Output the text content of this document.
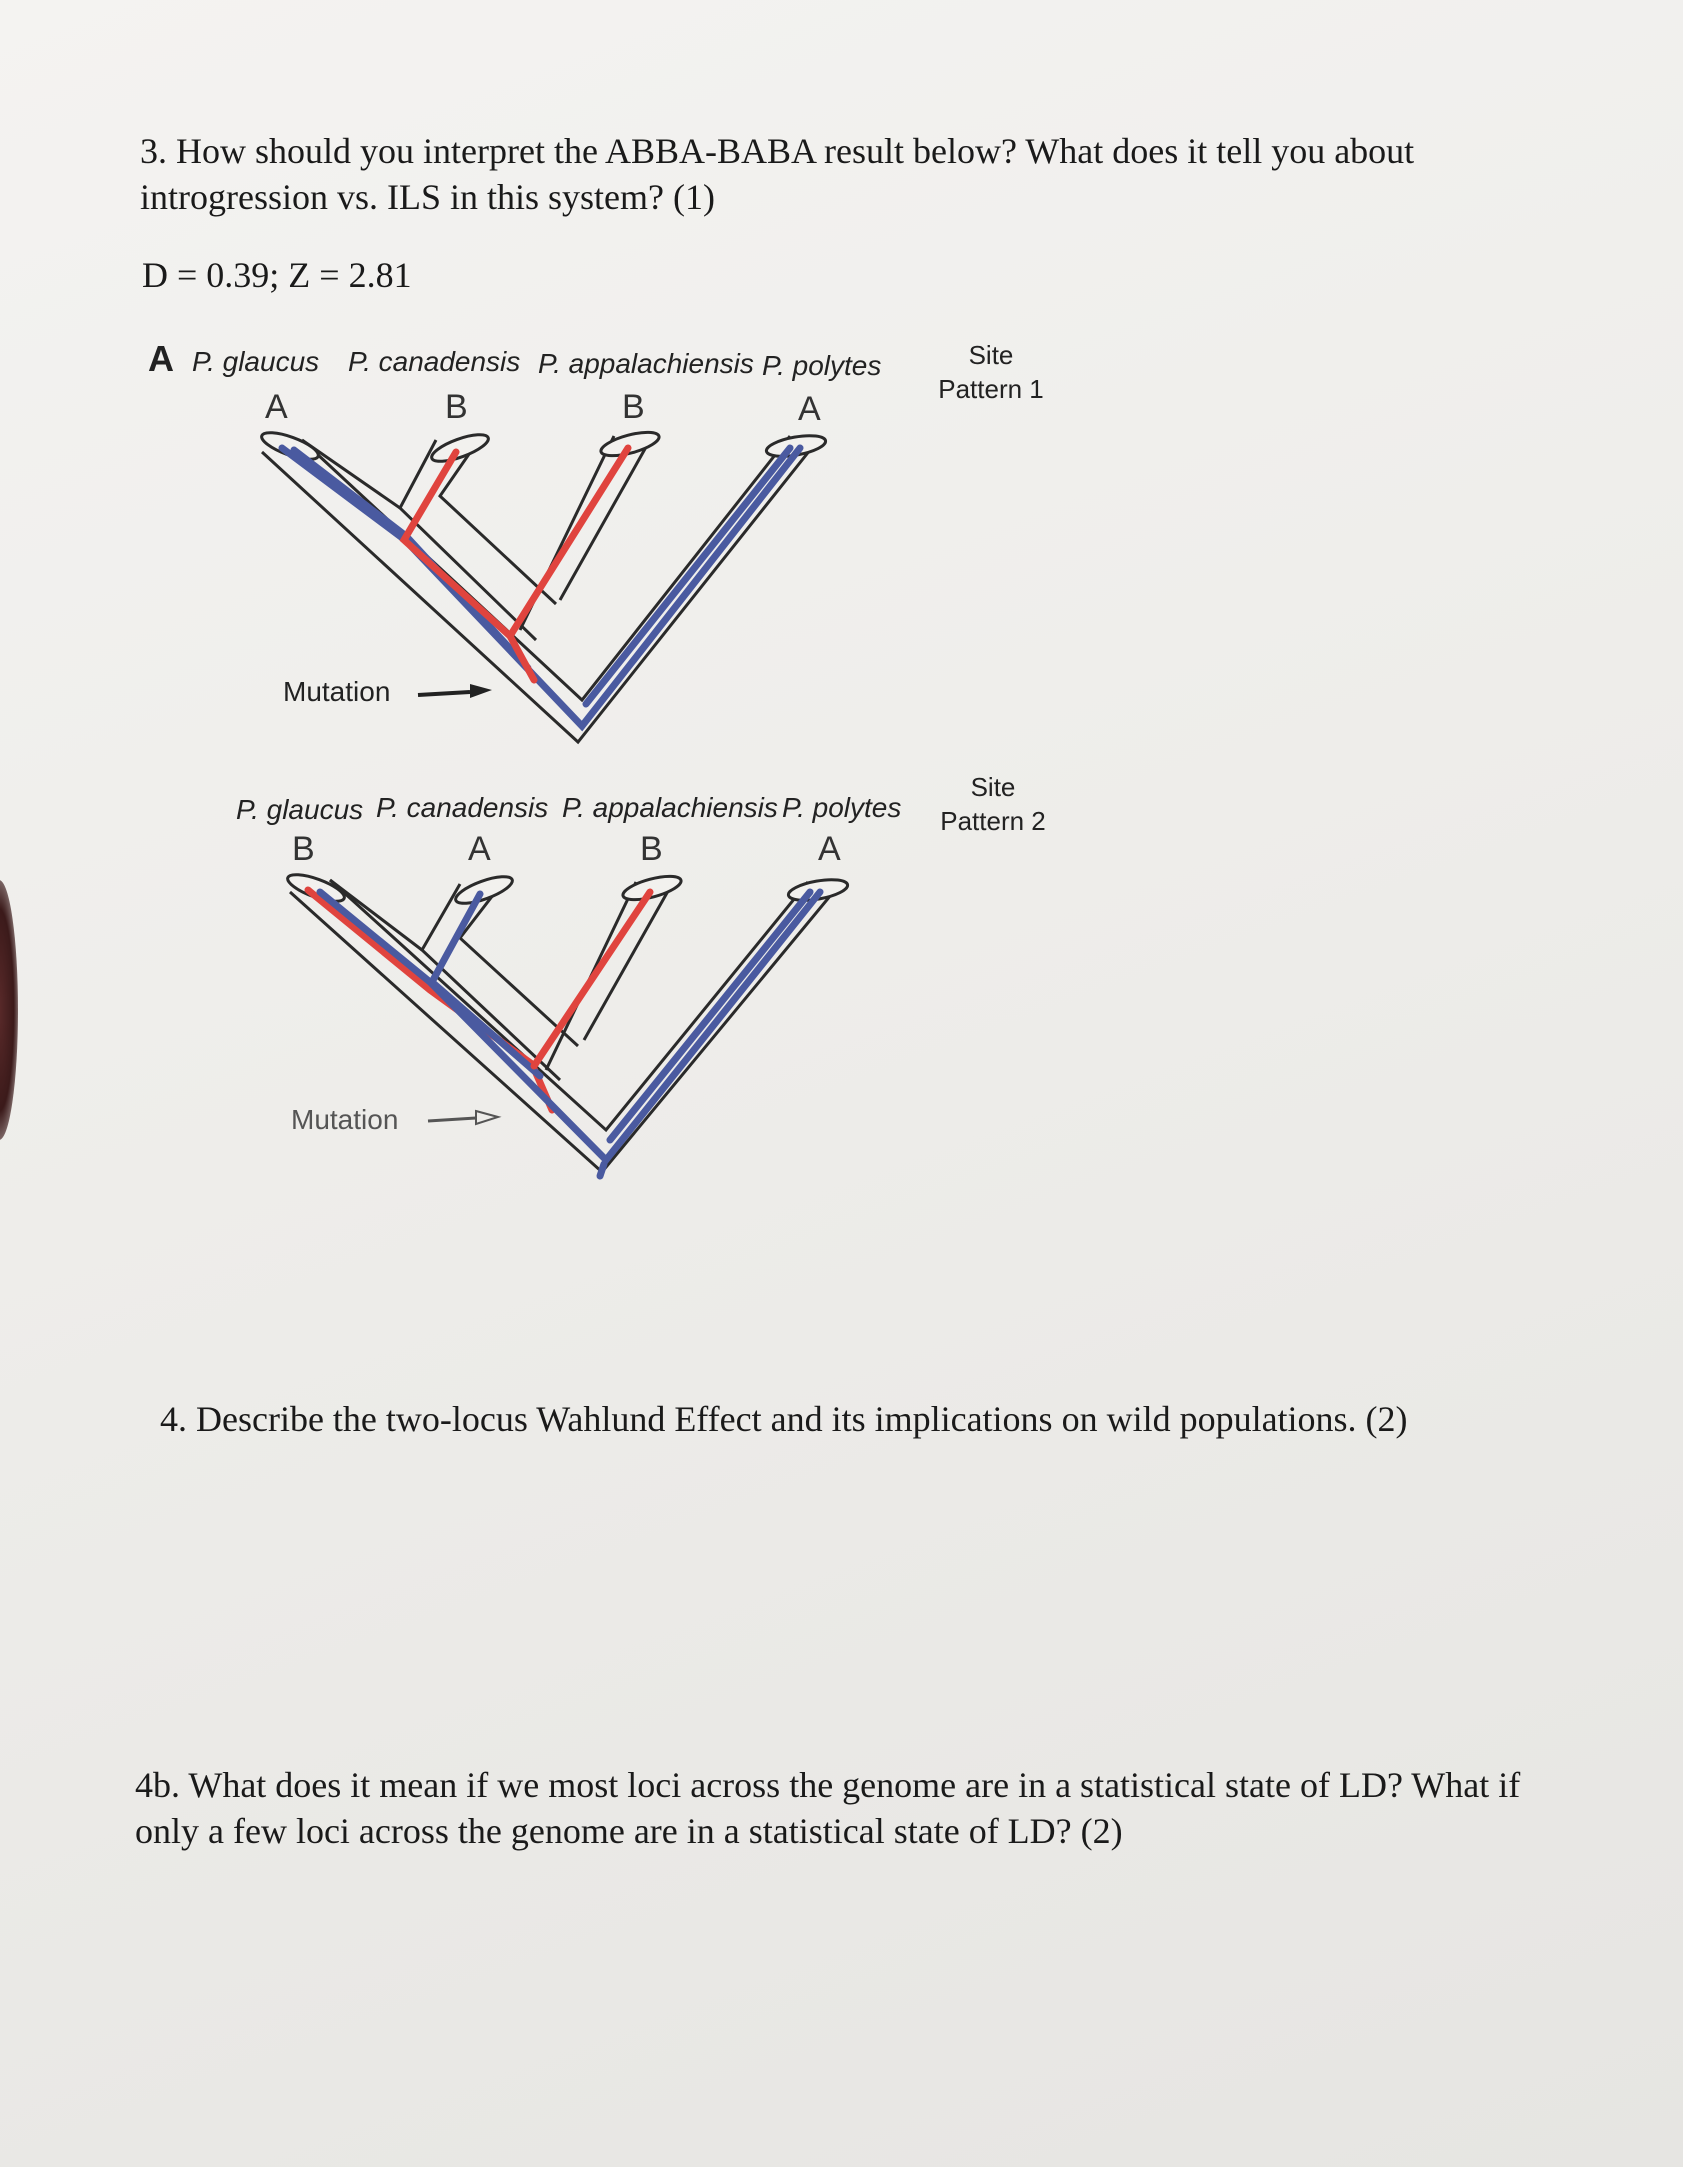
3. How should you interpret the ABBA-BABA result below? What does it tell you about introgression vs. ILS in this system? (1)
D = 0.39; Z = 2.81
A P. glaucus P. canadensis P. appalachiensis P. polytes
A	B	B	A
Site
Pattern 1
Mutation
P. glaucus P. canadensis P. appalachiensis P. polytes
B	A	B	A
Site
Pattern 2
Mutation
4. Describe the two-locus Wahlund Effect and its implications on wild populations. (2)
4b. What does it mean if we most loci across the genome are in a statistical state of LD? What if only a few loci across the genome are in a statistical state of LD? (2)
